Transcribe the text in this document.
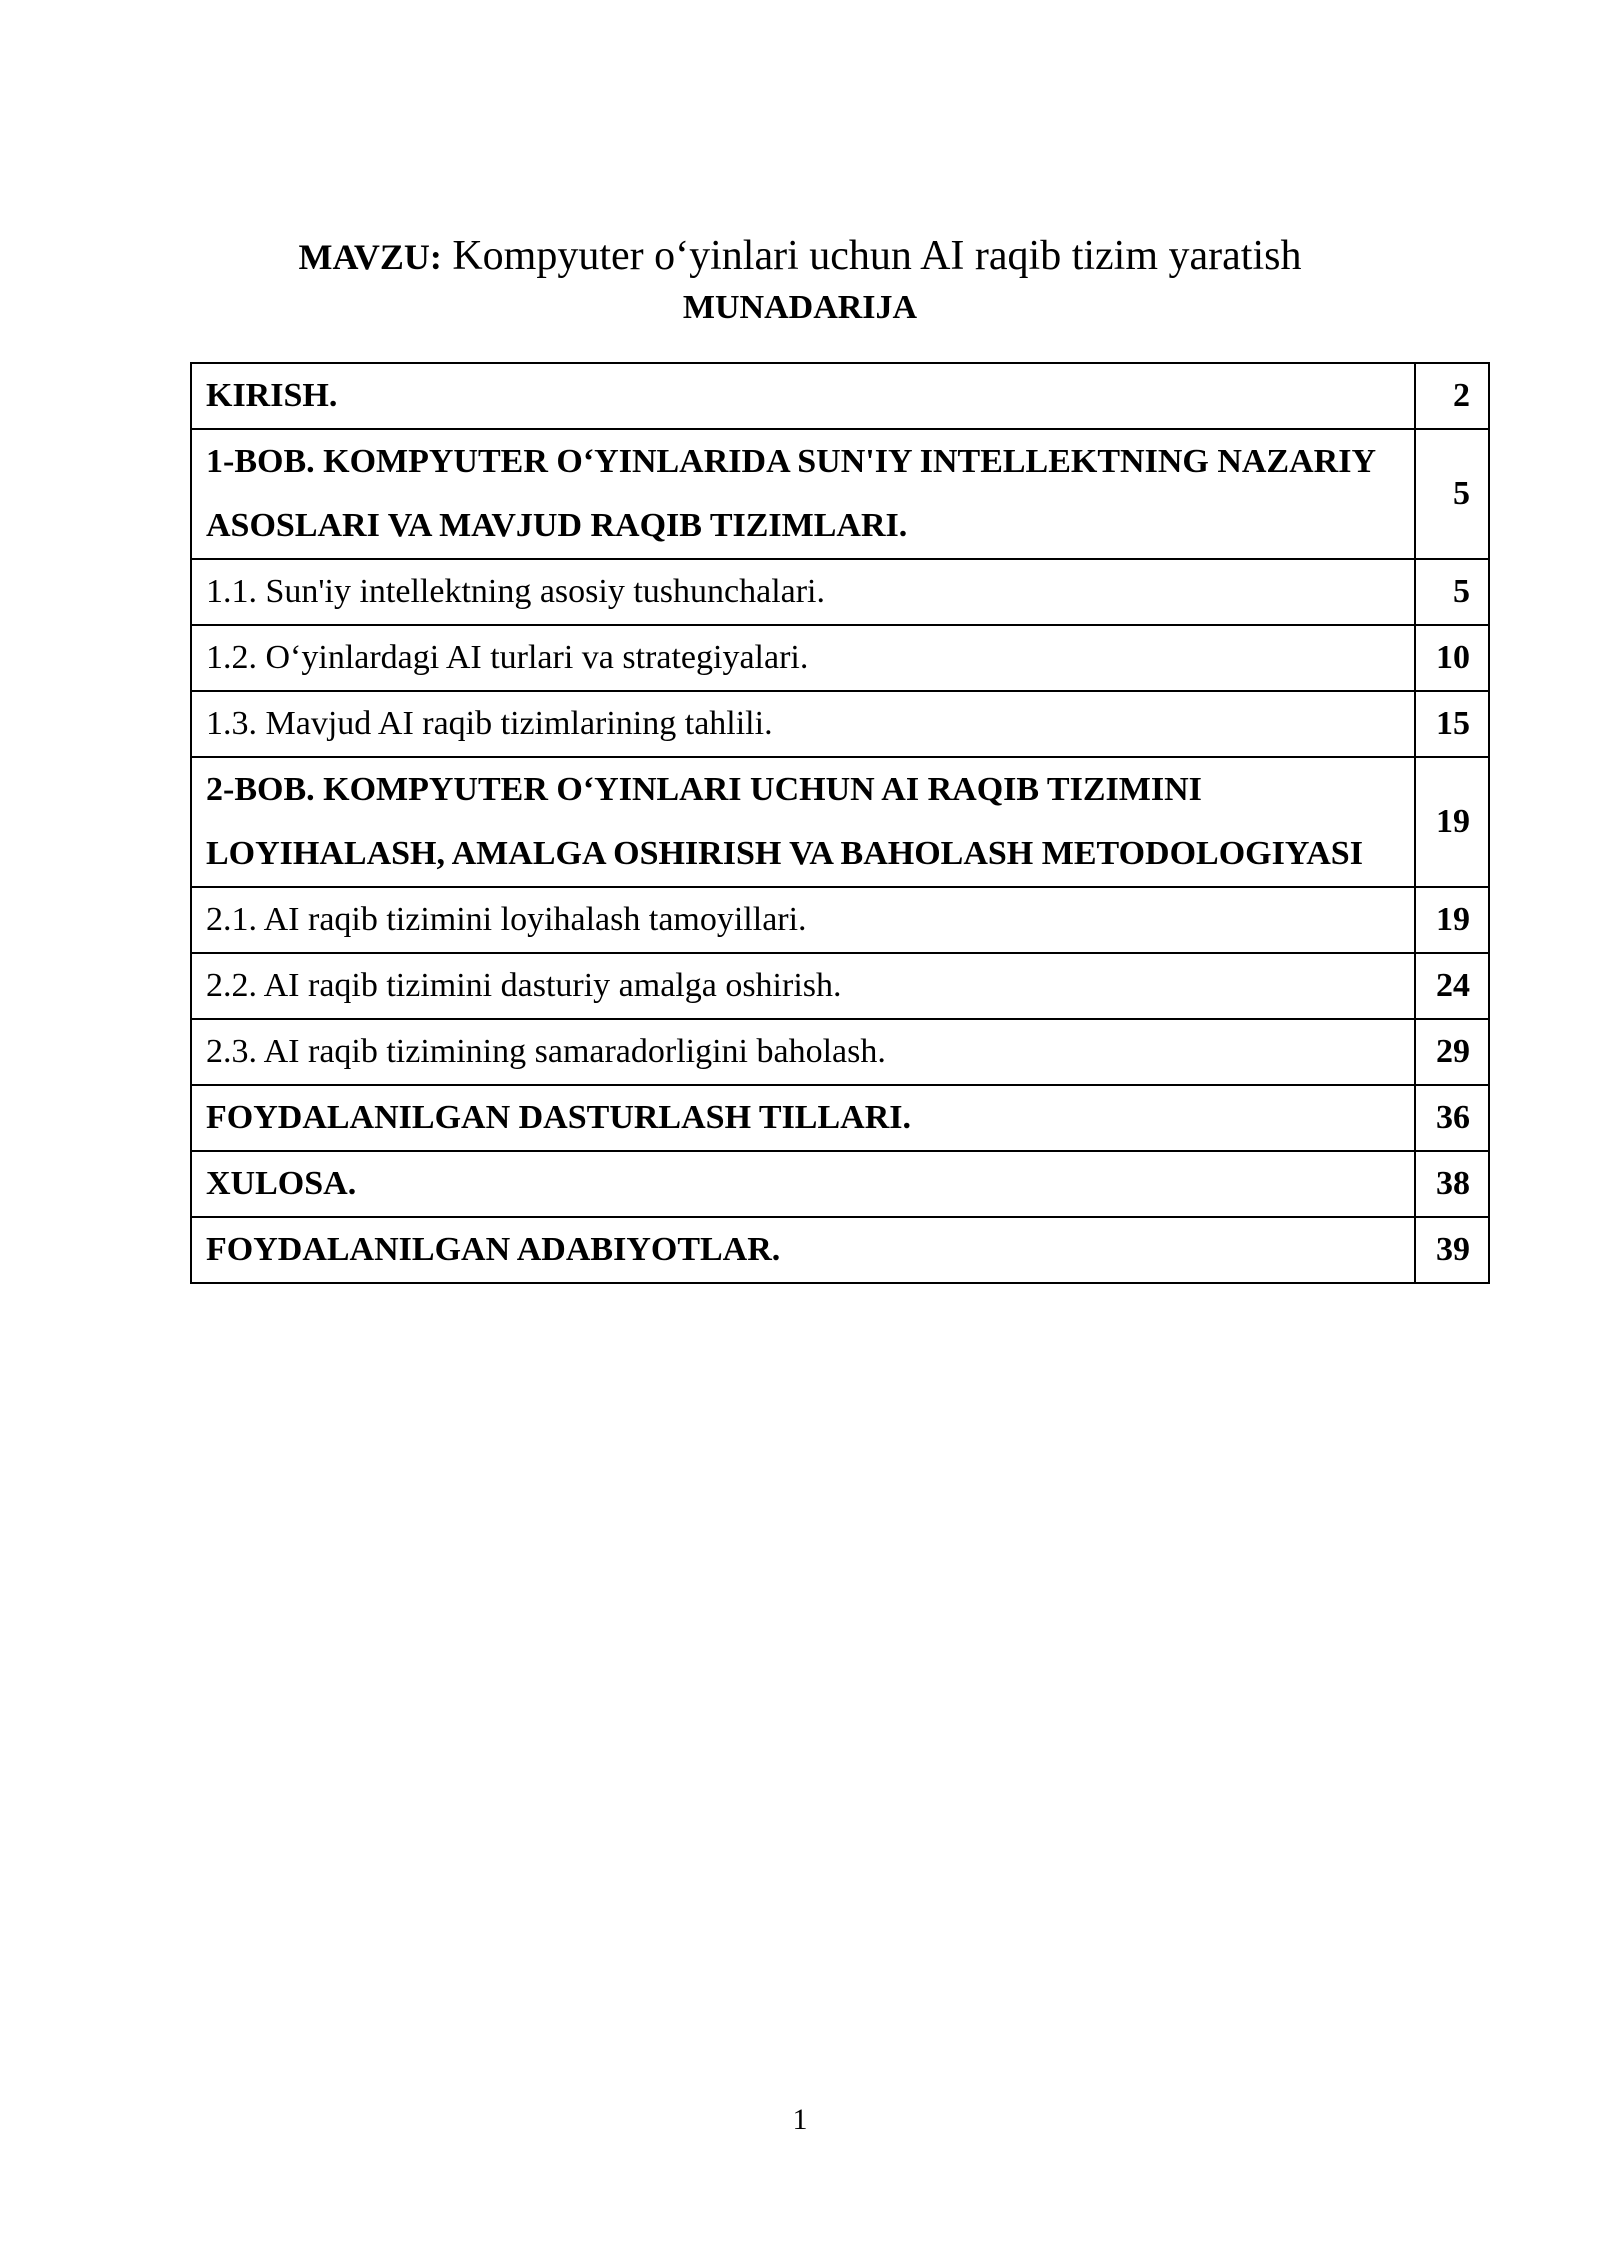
MAVZU: Kompyuter o‘yinlari uchun AI raqib tizim yaratish
MUNADARIJA
KIRISH.	2
1-BOB. KOMPYUTER O‘YINLARIDA SUN'IY INTELLEKTNING NAZARIY ASOSLARI VA MAVJUD RAQIB TIZIMLARI.	5
1.1. Sun'iy intellektning asosiy tushunchalari.	5
1.2. O‘yinlardagi AI turlari va strategiyalari.	10
1.3. Mavjud AI raqib tizimlarining tahlili.	15
2-BOB. KOMPYUTER O‘YINLARI UCHUN AI RAQIB TIZIMINI LOYIHALASH, AMALGA OSHIRISH VA BAHOLASH METODOLOGIYASI	19
2.1. AI raqib tizimini loyihalash tamoyillari.	19
2.2. AI raqib tizimini dasturiy amalga oshirish.	24
2.3. AI raqib tizimining samaradorligini baholash.	29
FOYDALANILGAN DASTURLASH TILLARI.	36
XULOSA.	38
FOYDALANILGAN ADABIYOTLAR.	39
1
